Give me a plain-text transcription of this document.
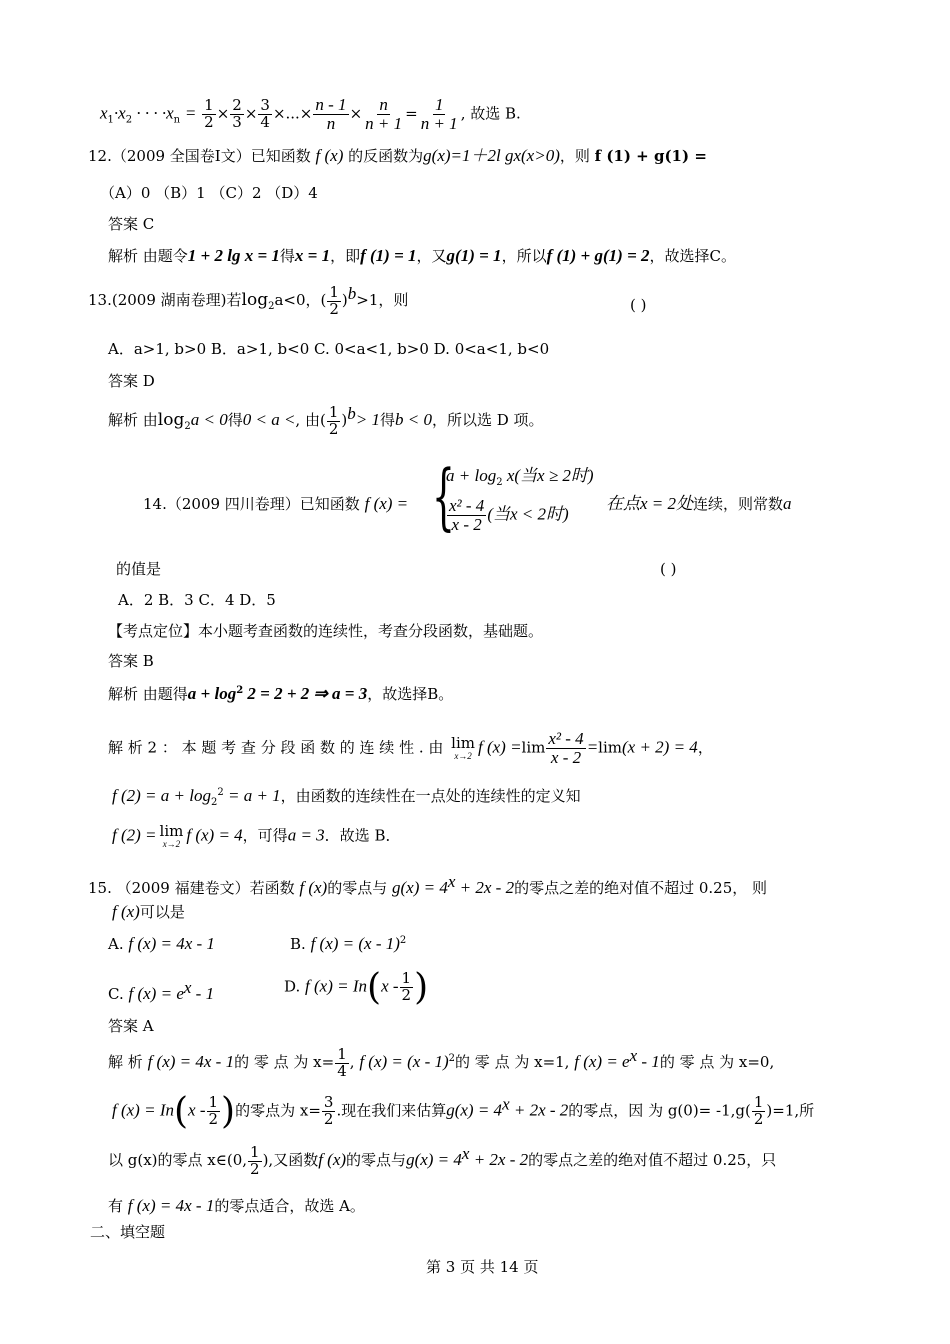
$x_1\cdot x_2$ · · · $\cdot x_n = \frac{1}{2} \times \frac{2}{3} \times \frac{3}{4}$ ×...× $\frac{n - 1}{n} \times \frac{n}{n + 1} = \frac{1}{n + 1}$ , 故选 B.
12.（2009 全国卷Ⅰ文）已知函数 f (x) 的反函数为g(x)=1＋2l gx(x>0)，则 f (1) + g(1) =
（A）0 （B）1 （C）2 （D）4
答案 C
解析 由题令1 + 2 lg x = 1得x = 1，即f (1) = 1，又g(1) = 1，所以f (1) + g(1) = 2，故选择C。
13.(2009 湖南卷理)若$\log_2a<0$，( $\frac{1}{2} )^b>1$，则	( )
A．a>1, b>0 B．a>1, b<0 C. 0<a<1, b>0 D. 0<a<1, b<0
答案 D
解析 由$\log_2a < 0$得0 < a <, 由( $\frac{1}{2} )^b> 1$得b < 0，所以选 D 项。
14.（2009 四川卷理）已知函数 f (x) = {
$a + \log_2 x$(当x ≥ 2时)
$\frac{\text{x² - 4}}{x - 2}$ (当x < 2时)
在点x = 2处连续，则常数a
的值是	( )
A．2 B．3 C．4 D．5
【考点定位】本小题考查函数的连续性，考查分段函数，基础题。
答案 B
解析 由题得$a + \log^2 2 = 2 + 2$ ⇒ a = 3，故选择B。
解 析 2 ： 本 题 考 查 分 段 函 数 的 连 续 性 . 由 lim
x→2 f $(x) =\lim \frac{\text{x² - 4}}{x - 2} =\lim(x + 2) = 4$，
f $(2) = a + \log_2^2 = a + 1$，由函数的连续性在一点处的连续性的定义知
f (2) = lim
x→2 f (x) = 4，可得a = 3．故选 B．
15. （2009 福建卷文）若函数 f (x)的零点与 $g(x) = 4^x + 2x - 2$的零点之差的绝对值不超过 0.25， 则
f (x)可以是
A. f (x) = 4x - 1	B. f (x) = (x - 1)$^2$
C. f $(x) = e^x - 1$	D. f $(x) = In(x - \frac{1}{2}$ )
答案 A
解 析 f (x) = 4x - 1的 零 点 为 $x= \frac{1}{4}$ , f (x) = (x - 1)$^2$的 零 点 为 x=1, f $(x) = e^x - 1$的 零 点 为 x=0,
f $(x) = In(x - \frac{1}{2}$ )的零点为 $x= \frac{3}{2}$ .现在我们来估算$g(x) = 4^x + 2x - 2$的零点，因 为 $g(0)= -1,g( \frac{1}{2} )=1$,所
以 g(x)的零点 x∈(0, $\frac{1}{2}$ ),又函数f (x)的零点与$g(x) = 4^x + 2x - 2$的零点之差的绝对值不超过 0.25，只
有 f (x) = 4x - 1的零点适合，故选 A。
二、填空题
第 3 页 共 14 页
